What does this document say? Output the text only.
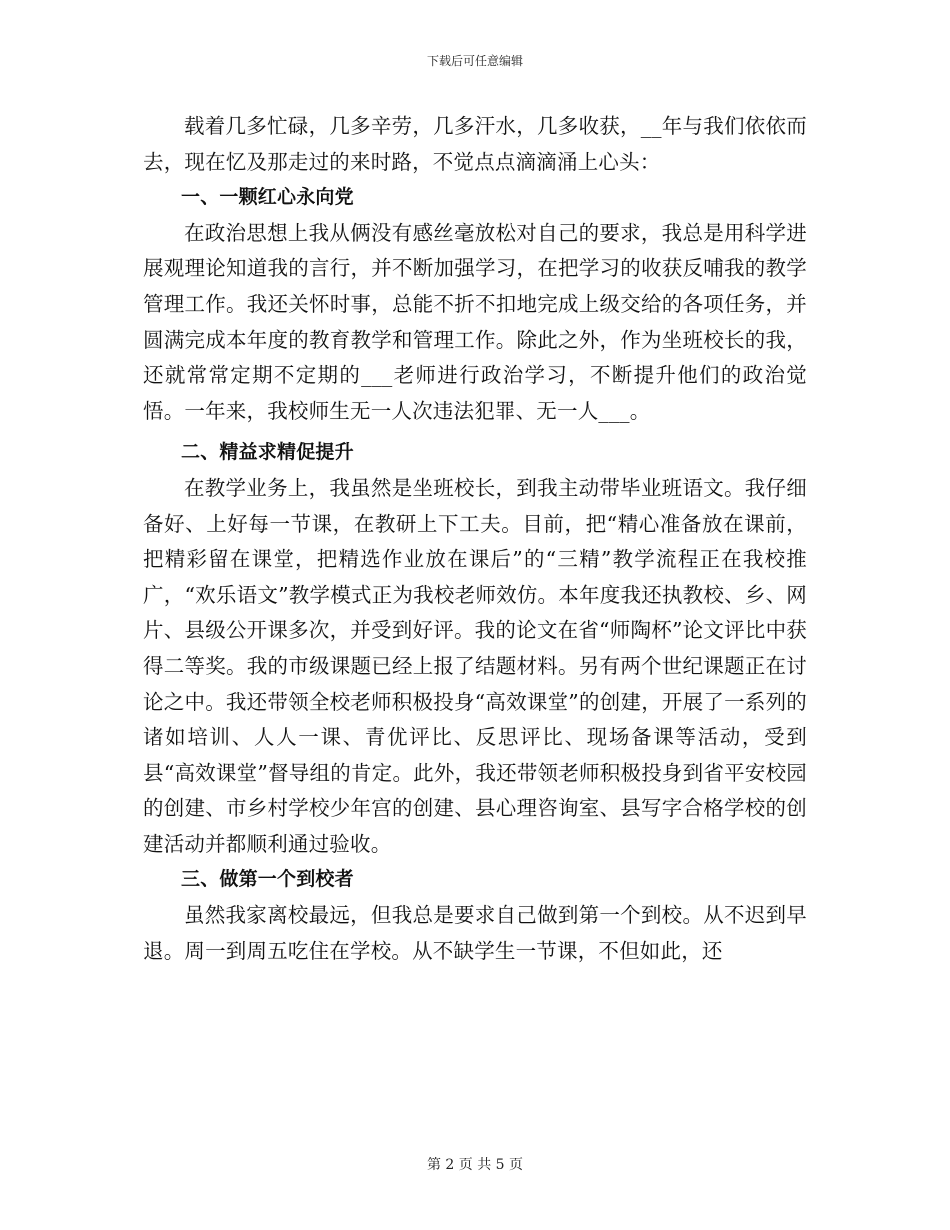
下载后可任意编辑

载着几多忙碌，几多辛劳，几多汗水，几多收获，__年与我们依依而去，现在忆及那走过的来时路，不觉点点滴滴涌上心头：

一、一颗红心永向党

在政治思想上我从俩没有感丝毫放松对自己的要求，我总是用科学进展观理论知道我的言行，并不断加强学习，在把学习的收获反哺我的教学管理工作。我还关怀时事，总能不折不扣地完成上级交给的各项任务，并圆满完成本年度的教育教学和管理工作。除此之外，作为坐班校长的我，还就常常定期不定期的___老师进行政治学习，不断提升他们的政治觉悟。一年来，我校师生无一人次违法犯罪、无一人___。

二、精益求精促提升

在教学业务上，我虽然是坐班校长，到我主动带毕业班语文。我仔细备好、上好每一节课，在教研上下工夫。目前，把“精心准备放在课前，把精彩留在课堂，把精选作业放在课后”的“三精”教学流程正在我校推广，“欢乐语文”教学模式正为我校老师效仿。本年度我还执教校、乡、网片、县级公开课多次，并受到好评。我的论文在省“师陶杯”论文评比中获得二等奖。我的市级课题已经上报了结题材料。另有两个世纪课题正在讨论之中。我还带领全校老师积极投身“高效课堂”的创建，开展了一系列的诸如培训、人人一课、青优评比、反思评比、现场备课等活动，受到县“高效课堂”督导组的肯定。此外，我还带领老师积极投身到省平安校园的创建、市乡村学校少年宫的创建、县心理咨询室、县写字合格学校的创建活动并都顺利通过验收。

三、做第一个到校者

虽然我家离校最远，但我总是要求自己做到第一个到校。从不迟到早退。周一到周五吃住在学校。从不缺学生一节课，不但如此，还

第 2 页 共 5 页
